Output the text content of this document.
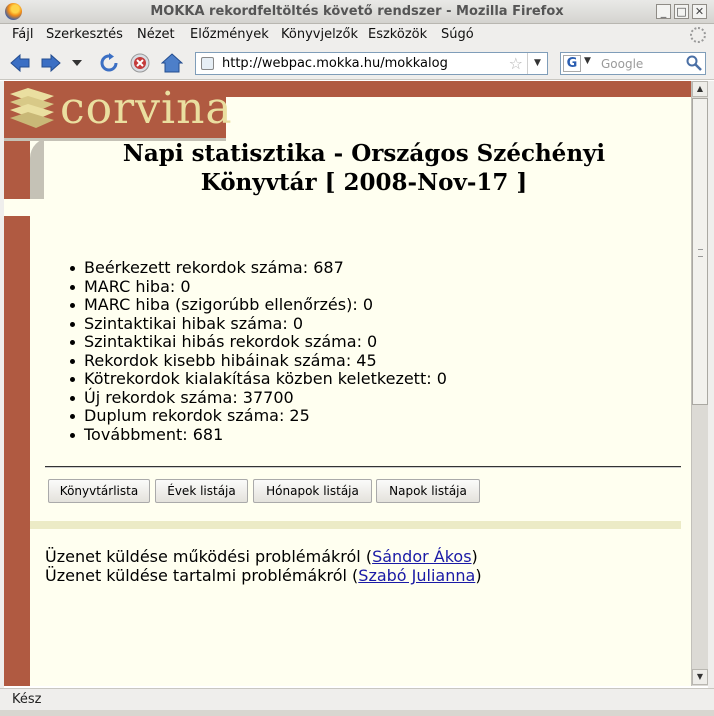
MOKKA rekordfeltöltés követő rendszer - Mozilla Firefox	_ □ ✕
Fájl Szerkesztés Nézet Előzmények Könyvjelzők Eszközök Súgó
http://webpac.mokka.hu/mokkalog	☆	▼	G ▼ Google
corvina
Napi statisztika - Országos Széchényi
Könyvtár [ 2008-Nov-17 ]
Beérkezett rekordok száma: 687
MARC hiba: 0
MARC hiba (szigorúbb ellenőrzés): 0
Szintaktikai hibak száma: 0
Szintaktikai hibás rekordok száma: 0
Rekordok kisebb hibáinak száma: 45
Kötrekordok kialakítása közben keletkezett: 0
Új rekordok száma: 37700
Duplum rekordok száma: 25
Továbbment: 681
Könyvtárlista	Évek listája	Hónapok listája	Napok listája
Üzenet küldése működési problémákról (Sándor Ákos)
Üzenet küldése tartalmi problémákról (Szabó Julianna)
▲
▼
Kész
